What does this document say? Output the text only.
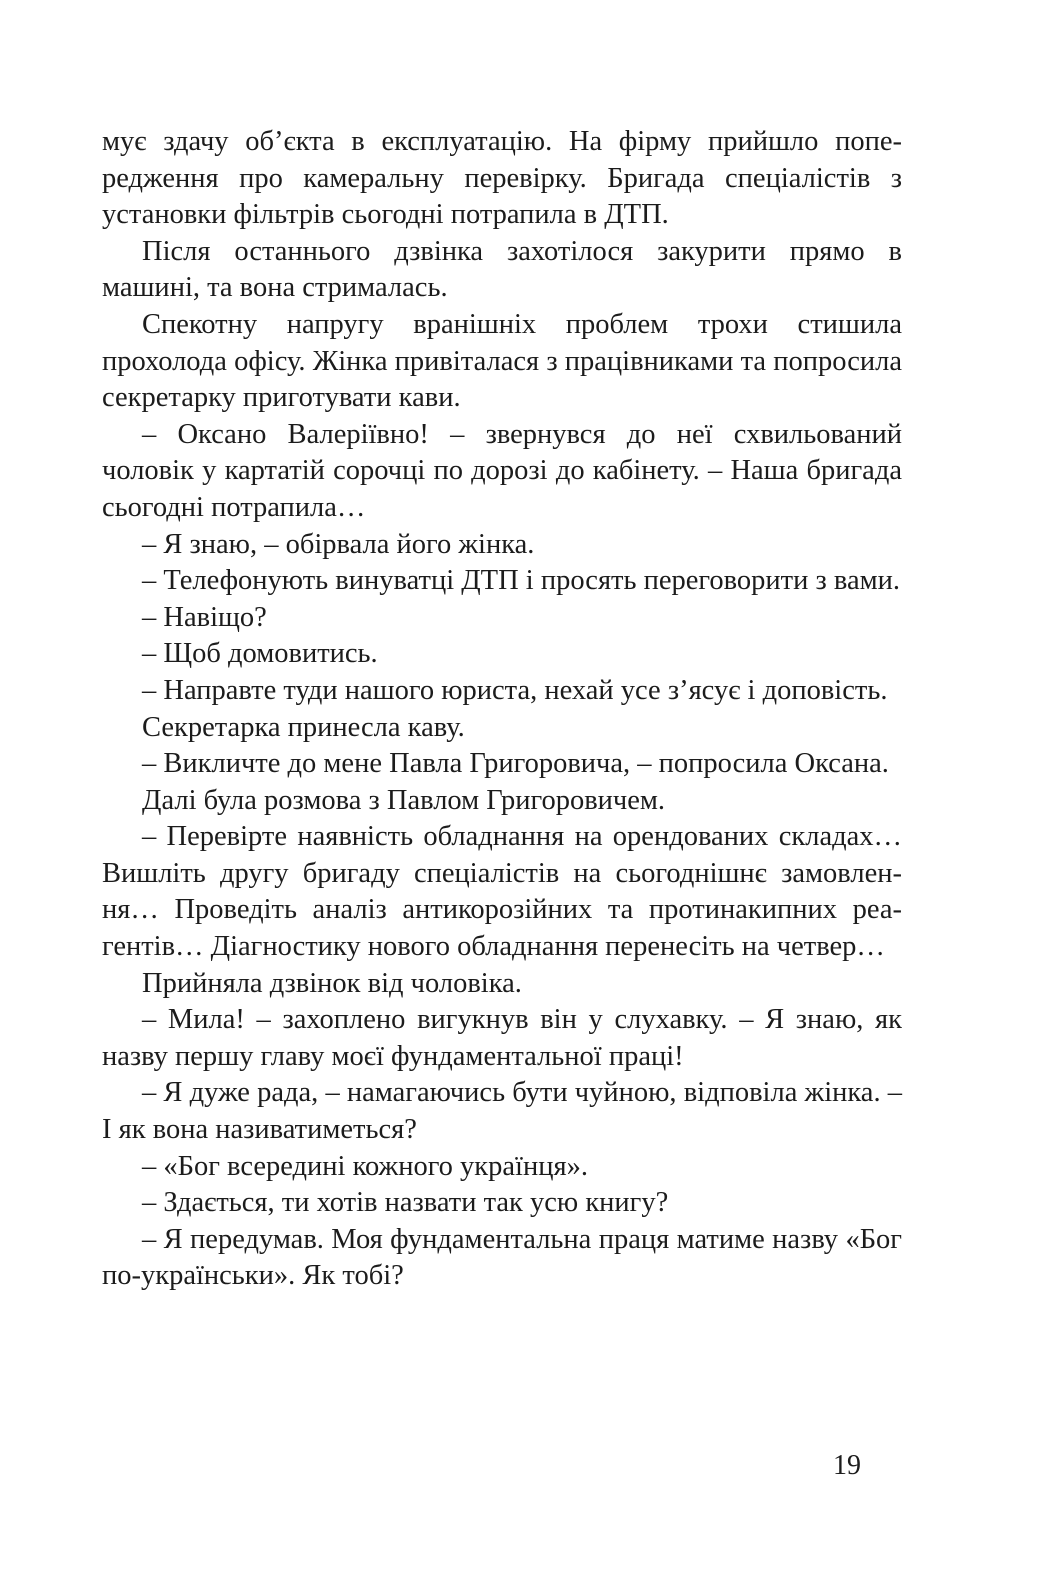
мує здачу об’єкта в експлуатацію. На фірму прийшло попередження про камеральну перевірку. Бригада спеціалістів з установки фільтрів сьогодні потрапила в ДТП.

Після останнього дзвінка захотілося закурити прямо в машині, та вона стрималась.

Спекотну напругу вранішніх проблем трохи стишила прохолода офісу. Жінка привіталася з працівниками та попросила секретарку приготувати кави.

– Оксано Валеріївно! – звернувся до неї схвильований чоловік у картатій сорочці по дорозі до кабінету. – Наша бригада сьогодні потрапила…

– Я знаю, – обірвала його жінка.

– Телефонують винуватці ДТП і просять переговорити з вами.

– Навіщо?

– Щоб домовитись.

– Направте туди нашого юриста, нехай усе з’ясує і доповість.

Секретарка принесла каву.

– Викличте до мене Павла Григоровича, – попросила Оксана.

Далі була розмова з Павлом Григоровичем.

– Перевірте наявність обладнання на орендованих складах… Вишліть другу бригаду спеціалістів на сьогоднішнє замовлення… Проведіть аналіз антикорозійних та протинакипних реагентів… Діагностику нового обладнання перенесіть на четвер…

Прийняла дзвінок від чоловіка.

– Мила! – захоплено вигукнув він у слухавку. – Я знаю, як назву першу главу моєї фундаментальної праці!

– Я дуже рада, – намагаючись бути чуйною, відповіла жінка. – І як вона називатиметься?

– «Бог всередині кожного українця».

– Здається, ти хотів назвати так усю книгу?

– Я передумав. Моя фундаментальна праця матиме назву «Бог по-українськи». Як тобі?

19
